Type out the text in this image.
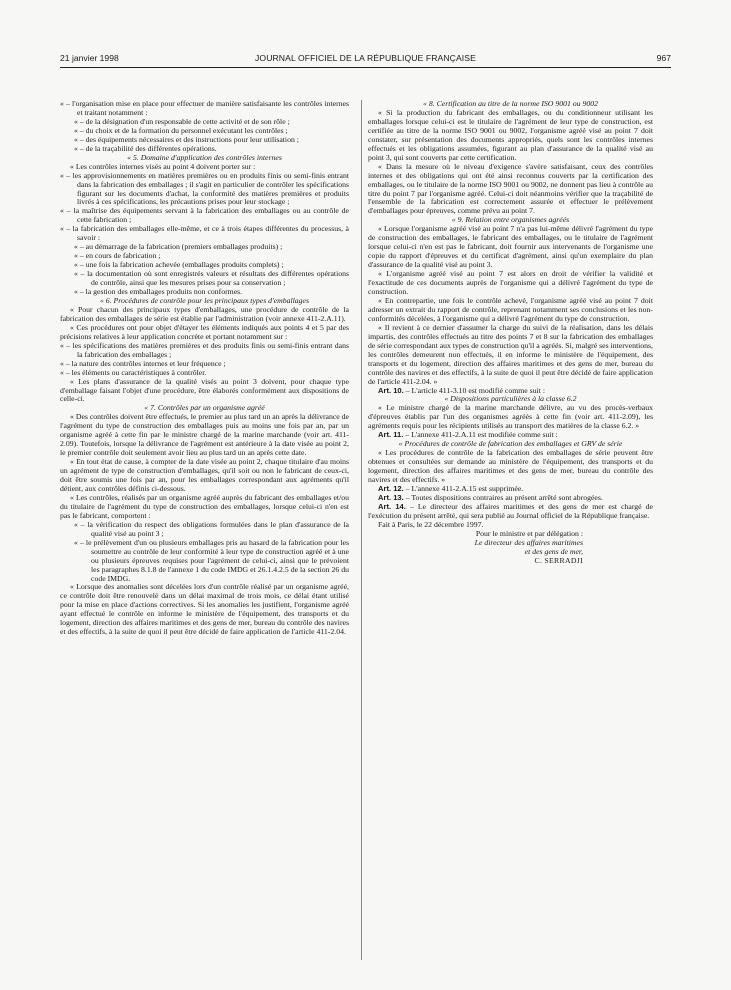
21 janvier 1998	JOURNAL OFFICIEL DE LA RÉPUBLIQUE FRANÇAISE	967

« – l'organisation mise en place pour effectuer de manière satisfaisante les contrôles internes et traitant notamment :

« – de la désignation d'un responsable de cette activité et de son rôle ;

« – du choix et de la formation du personnel exécutant les contrôles ;

« – des équipements nécessaires et des instructions pour leur utilisation ;

« – de la traçabilité des différentes opérations.

« 5. Domaine d'application des contrôles internes

« Les contrôles internes visés au point 4 doivent porter sur :

« – les approvisionnements en matières premières ou en produits finis ou semi-finis entrant dans la fabrication des emballages ; il s'agit en particulier de contrôler les spécifications figurant sur les documents d'achat, la conformité des matières premières et produits livrés à ces spécifications, les précautions prises pour leur stockage ;

« – la maîtrise des équipements servant à la fabrication des emballages ou au contrôle de cette fabrication ;

« – la fabrication des emballages elle-même, et ce à trois étapes différentes du processus, à savoir :

« – au démarrage de la fabrication (premiers emballages produits) ;

« – en cours de fabrication ;

« – une fois la fabrication achevée (emballages produits complets) ;

« – la documentation où sont enregistrés valeurs et résultats des différentes opérations de contrôle, ainsi que les mesures prises pour sa conservation ;

« – la gestion des emballages produits non conformes.

« 6. Procédures de contrôle pour les principaux types d'emballages

« Pour chacun des principaux types d'emballages, une procédure de contrôle de la fabrication des emballages de série est établie par l'administration (voir annexe 411-2.A.11).

« Ces procédures ont pour objet d'étayer les éléments indiqués aux points 4 et 5 par des précisions relatives à leur application concrète et portant notamment sur :

« – les spécifications des matières premières et des produits finis ou semi-finis entrant dans la fabrication des emballages ;

« – la nature des contrôles internes et leur fréquence ;

« – les éléments ou caractéristiques à contrôler.

« Les plans d'assurance de la qualité visés au point 3 doivent, pour chaque type d'emballage faisant l'objet d'une procédure, être élaborés conformément aux dispositions de celle-ci.

« 7. Contrôles par un organisme agréé

« Des contrôles doivent être effectués, le premier au plus tard un an après la délivrance de l'agrément du type de construction des emballages puis au moins une fois par an, par un organisme agréé à cette fin par le ministre chargé de la marine marchande (voir art. 411-2.09). Toutefois, lorsque la délivrance de l'agrément est antérieure à la date visée au point 2, le premier contrôle doit seulement avoir lieu au plus tard un an après cette date.

« En tout état de cause, à compter de la date visée au point 2, chaque titulaire d'au moins un agrément de type de construction d'emballages, qu'il soit ou non le fabricant de ceux-ci, doit être soumis une fois par an, pour les emballages correspondant aux agréments qu'il détient, aux contrôles définis ci-dessous.

« Les contrôles, réalisés par un organisme agréé auprès du fabricant des emballages et/ou du titulaire de l'agrément du type de construction des emballages, lorsque celui-ci n'en est pas le fabricant, comportent :

« – la vérification du respect des obligations formulées dans le plan d'assurance de la qualité visé au point 3 ;

« – le prélèvement d'un ou plusieurs emballages pris au hasard de la fabrication pour les soumettre au contrôle de leur conformité à leur type de construction agréé et à une ou plusieurs épreuves requises pour l'agrément de celui-ci, ainsi que le prévoient les paragraphes 8.1.8 de l'annexe 1 du code IMDG et 26.1.4.2.5 de la section 26 du code IMDG.

« Lorsque des anomalies sont décelées lors d'un contrôle réalisé par un organisme agréé, ce contrôle doit être renouvelé dans un délai maximal de trois mois, ce délai étant utilisé pour la mise en place d'actions correctives. Si les anomalies les justifient, l'organisme agréé ayant effectué le contrôle en informe le ministère de l'équipement, des transports et du logement, direction des affaires maritimes et des gens de mer, bureau du contrôle des navires et des effectifs, à la suite de quoi il peut être décidé de faire application de l'article 411-2.04.

« 8. Certification au titre de la norme ISO 9001 ou 9002

« Si la production du fabricant des emballages, ou du conditionneur utilisant les emballages lorsque celui-ci est le titulaire de l'agrément de leur type de construction, est certifiée au titre de la norme ISO 9001 ou 9002, l'organisme agréé visé au point 7 doit constater, sur présentation des documents appropriés, quels sont les contrôles internes effectués et les obligations assumées, figurant au plan d'assurance de la qualité visé au point 3, qui sont couverts par cette certification.

« Dans la mesure où le niveau d'exigence s'avère satisfaisant, ceux des contrôles internes et des obligations qui ont été ainsi reconnus couverts par la certification des emballages, ou le titulaire de la norme ISO 9001 ou 9002, ne donnent pas lieu à contrôle au titre du point 7 par l'organisme agréé. Celui-ci doit néanmoins vérifier que la traçabilité de l'ensemble de la fabrication est correctement assurée et effectuer le prélèvement d'emballages pour épreuves, comme prévu au point 7.

« 9. Relation entre organismes agréés

« Lorsque l'organisme agréé visé au point 7 n'a pas lui-même délivré l'agrément du type de construction des emballages, le fabricant des emballages, ou le titulaire de l'agrément lorsque celui-ci n'en est pas le fabricant, doit fournir aux intervenants de l'organisme une copie du rapport d'épreuves et du certificat d'agrément, ainsi qu'un exemplaire du plan d'assurance de la qualité visé au point 3.

« L'organisme agréé visé au point 7 est alors en droit de vérifier la validité et l'exactitude de ces documents auprès de l'organisme qui a délivré l'agrément du type de construction.

« En contrepartie, une fois le contrôle achevé, l'organisme agréé visé au point 7 doit adresser un extrait du rapport de contrôle, reprenant notamment ses conclusions et les non-conformités décelées, à l'organisme qui a délivré l'agrément du type de construction.

« Il revient à ce dernier d'assumer la charge du suivi de la réalisation, dans les délais impartis, des contrôles effectués au titre des points 7 et 8 sur la fabrication des emballages de série correspondant aux types de construction qu'il a agréés. Si, malgré ses interventions, les contrôles demeurent non effectués, il en informe le ministère de l'équipement, des transports et du logement, direction des affaires maritimes et des gens de mer, bureau du contrôle des navires et des effectifs, à la suite de quoi il peut être décidé de faire application de l'article 411-2.04. »

Art. 10. – L'article 411-3.10 est modifié comme suit :

« Dispositions particulières à la classe 6.2

« Le ministre chargé de la marine marchande délivre, au vu des procès-verbaux d'épreuves établis par l'un des organismes agréés à cette fin (voir art. 411-2.09), les agréments requis pour les récipients utilisés au transport des matières de la classe 6.2. »

Art. 11. – L'annexe 411-2.A.11 est modifiée comme suit :

« Procédures de contrôle de fabrication des emballages et GRV de série

« Les procédures de contrôle de la fabrication des emballages de série peuvent être obtenues et consultées sur demande au ministère de l'équipement, des transports et du logement, direction des affaires maritimes et des gens de mer, bureau du contrôle des navires et des effectifs. »

Art. 12. – L'annexe 411-2.A.15 est supprimée.

Art. 13. – Toutes dispositions contraires au présent arrêté sont abrogées.

Art. 14. – Le directeur des affaires maritimes et des gens de mer est chargé de l'exécution du présent arrêté, qui sera publié au Journal officiel de la République française.

Fait à Paris, le 22 décembre 1997.

Pour le ministre et par délégation :

Le directeur des affaires maritimes

et des gens de mer,

C. SERRADJI
